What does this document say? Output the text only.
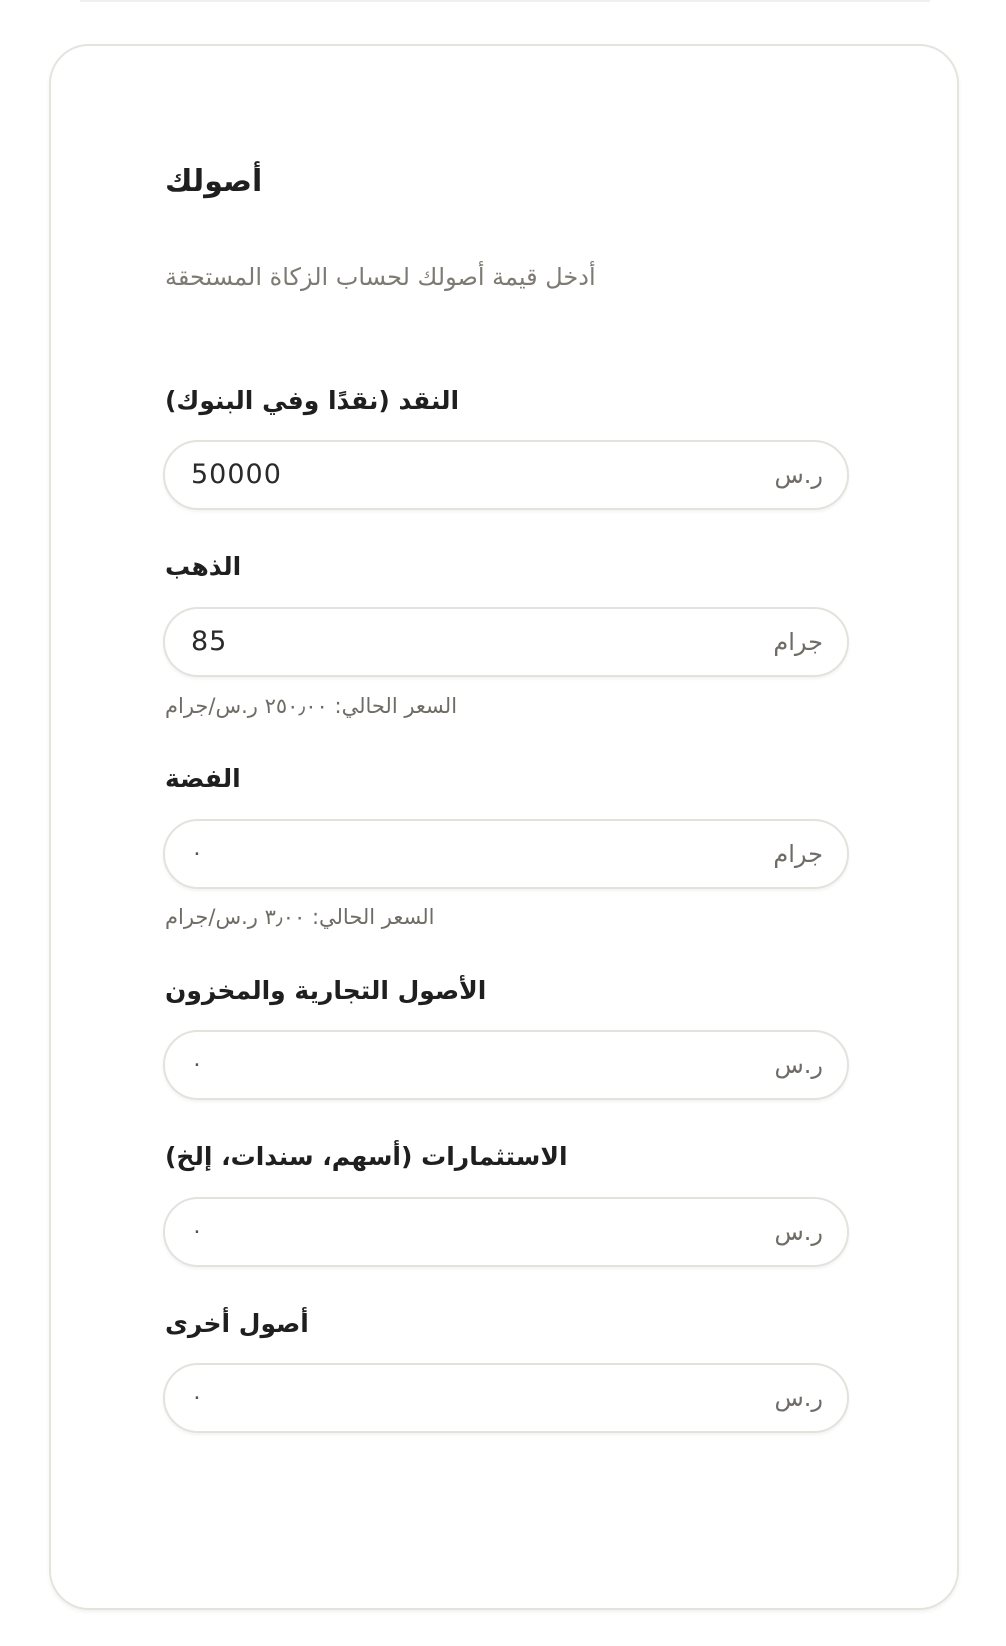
أصولك
أدخل قيمة أصولك لحساب الزكاة المستحقة
النقد (نقدًا وفي البنوك)
50000	ر.س
الذهب
85	جرام
السعر الحالي: ٢٥٠٫٠٠ ر.س/جرام
الفضة
٠	جرام
السعر الحالي: ٣٫٠٠ ر.س/جرام
الأصول التجارية والمخزون
٠	ر.س
الاستثمارات (أسهم، سندات، إلخ)
٠	ر.س
أصول أخرى
٠	ر.س
